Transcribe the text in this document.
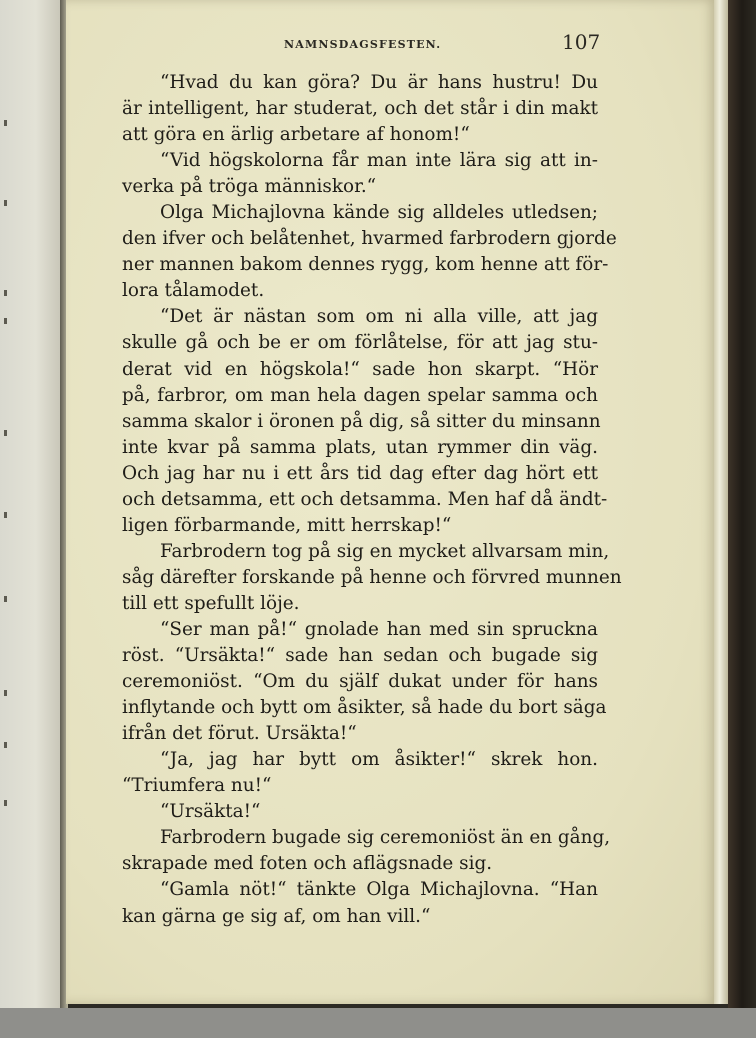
NAMNSDAGSFESTEN.	107
“Hvad du kan göra? Du är hans hustru! Du
är intelligent, har studerat, och det står i din makt
att göra en ärlig arbetare af honom!“
“Vid högskolorna får man inte lära sig att in-
verka på tröga människor.“
Olga Michajlovna kände sig alldeles utledsen;
den ifver och belåtenhet, hvarmed farbrodern gjorde
ner mannen bakom dennes rygg, kom henne att för-
lora tålamodet.
“Det är nästan som om ni alla ville, att jag
skulle gå och be er om förlåtelse, för att jag stu-
derat vid en högskola!“ sade hon skarpt. “Hör
på, farbror, om man hela dagen spelar samma och
samma skalor i öronen på dig, så sitter du minsann
inte kvar på samma plats, utan rymmer din väg.
Och jag har nu i ett års tid dag efter dag hört ett
och detsamma, ett och detsamma. Men haf då ändt-
ligen förbarmande, mitt herrskap!“
Farbrodern tog på sig en mycket allvarsam min,
såg därefter forskande på henne och förvred munnen
till ett spefullt löje.
“Ser man på!“ gnolade han med sin spruckna
röst. “Ursäkta!“ sade han sedan och bugade sig
ceremoniöst. “Om du själf dukat under för hans
inflytande och bytt om åsikter, så hade du bort säga
ifrån det förut. Ursäkta!“
“Ja, jag har bytt om åsikter!“ skrek hon.
“Triumfera nu!“
“Ursäkta!“
Farbrodern bugade sig ceremoniöst än en gång,
skrapade med foten och aflägsnade sig.
“Gamla nöt!“ tänkte Olga Michajlovna. “Han
kan gärna ge sig af, om han vill.“
